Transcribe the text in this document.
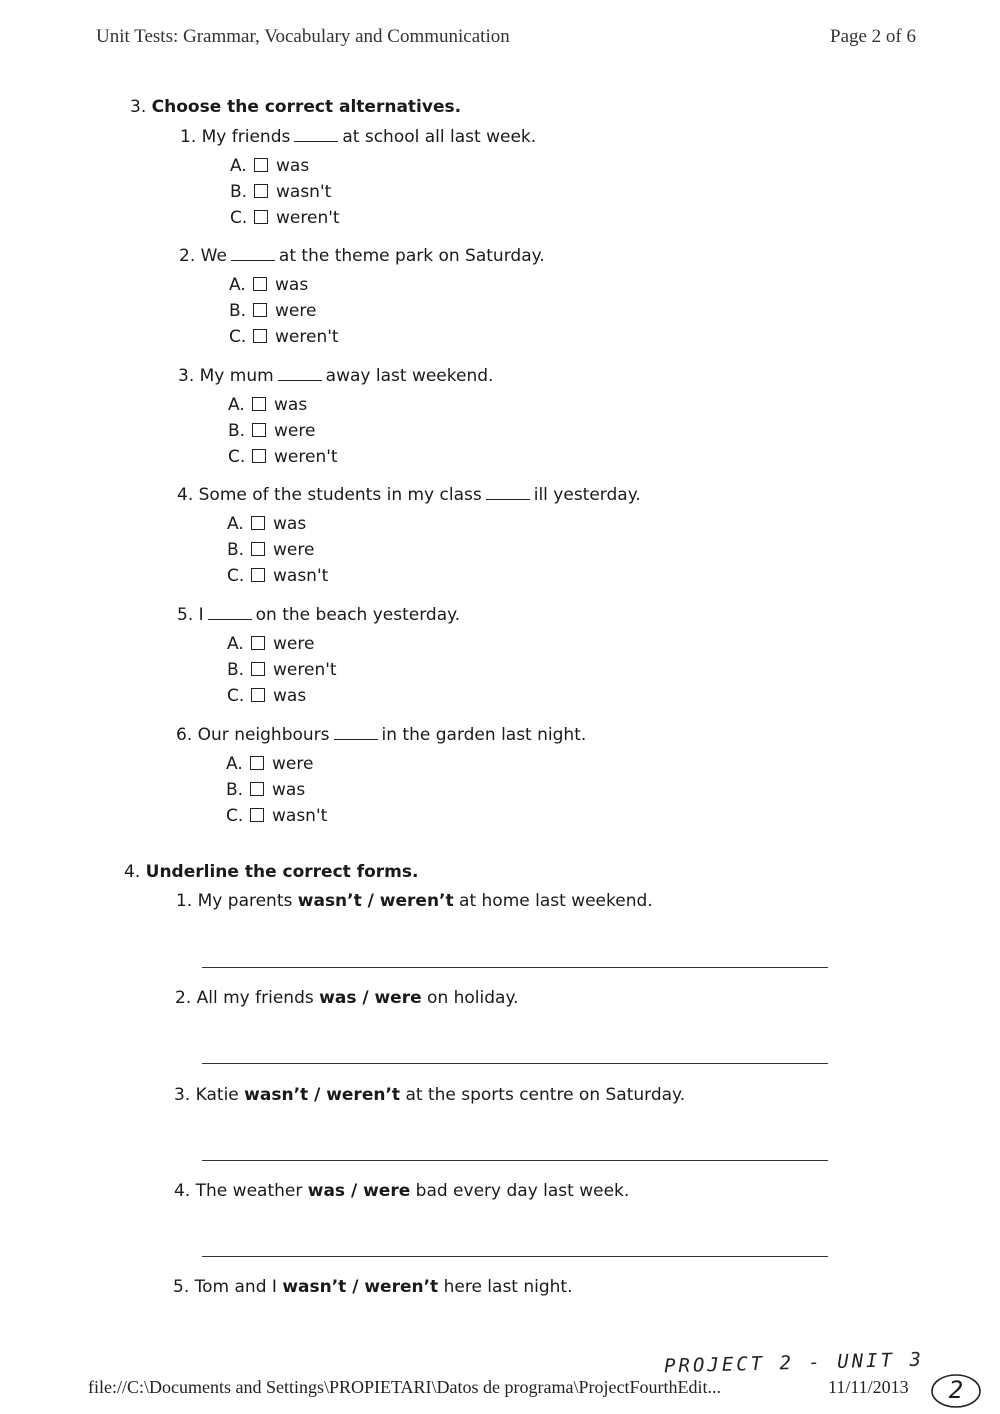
Unit Tests: Grammar, Vocabulary and Communication	Page 2 of 6
3. Choose the correct alternatives.
1. My friends	at school all last week.
A. was
B. wasn't
C. weren't
2. We	at the theme park on Saturday.
A. was
B. were
C. weren't
3. My mum	away last weekend.
A. was
B. were
C. weren't
4. Some of the students in my class	ill yesterday.
A. was
B. were
C. wasn't
5. I	on the beach yesterday.
A. were
B. weren't
C. was
6. Our neighbours	in the garden last night.
A. were
B. was
C. wasn't
4. Underline the correct forms.
1. My parents wasn’t / weren’t at home last weekend.
2. All my friends was / were on holiday.
3. Katie wasn’t / weren’t at the sports centre on Saturday.
4. The weather was / were bad every day last week.
5. Tom and I wasn’t / weren’t here last night.
PROJECT 2 - UNIT 3
file://C:\Documents and Settings\PROPIETARI\Datos de programa\ProjectFourthEdit...	11/11/2013	2
